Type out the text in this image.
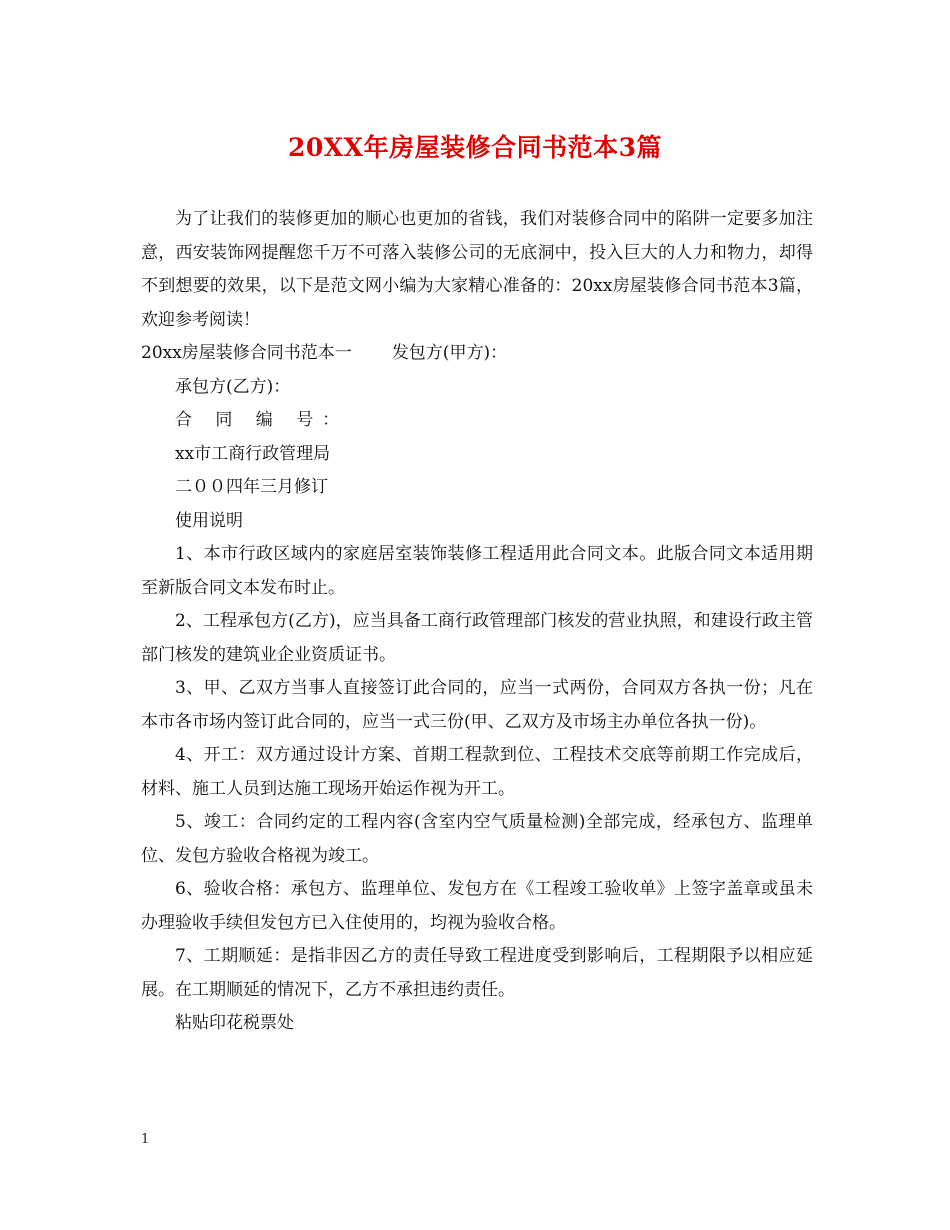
20XX年房屋装修合同书范本3篇

为了让我们的装修更加的顺心也更加的省钱，我们对装修合同中的陷阱一定要多加注意，西安装饰网提醒您千万不可落入装修公司的无底洞中，投入巨大的人力和物力，却得不到想要的效果，以下是范文网小编为大家精心准备的：20xx房屋装修合同书范本3篇，欢迎参考阅读！

20xx房屋装修合同书范本一 发包方(甲方)：

承包方(乙方)：

合 同 编 号：

xx市工商行政管理局

二００四年三月修订

使用说明

1、本市行政区域内的家庭居室装饰装修工程适用此合同文本。此版合同文本适用期至新版合同文本发布时止。

2、工程承包方(乙方)，应当具备工商行政管理部门核发的营业执照，和建设行政主管部门核发的建筑业企业资质证书。

3、甲、乙双方当事人直接签订此合同的，应当一式两份，合同双方各执一份；凡在本市各市场内签订此合同的，应当一式三份(甲、乙双方及市场主办单位各执一份)。

4、开工：双方通过设计方案、首期工程款到位、工程技术交底等前期工作完成后，材料、施工人员到达施工现场开始运作视为开工。

5、竣工：合同约定的工程内容(含室内空气质量检测)全部完成，经承包方、监理单位、发包方验收合格视为竣工。

6、验收合格：承包方、监理单位、发包方在《工程竣工验收单》上签字盖章或虽未办理验收手续但发包方已入住使用的，均视为验收合格。

7、工期顺延：是指非因乙方的责任导致工程进度受到影响后，工程期限予以相应延展。在工期顺延的情况下，乙方不承担违约责任。

粘贴印花税票处

1
